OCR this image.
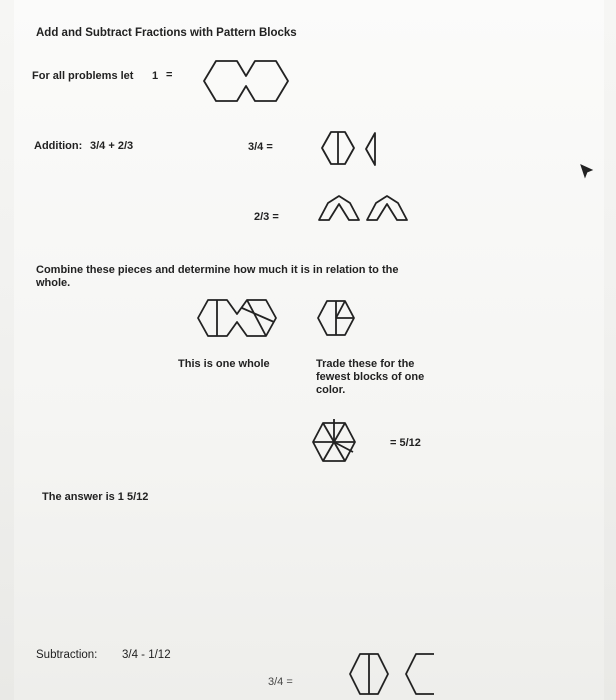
Add and Subtract Fractions with Pattern Blocks
For all problems let 1 =
Addition: 3/4 + 2/3	3/4 =
2/3 =
Combine these pieces and determine how much it is in relation to the
whole.
This is one whole	Trade these for the
fewest blocks of one
color.
= 5/12
The answer is 1 5/12
Subtraction: 3/4 - 1/12
3/4 =
